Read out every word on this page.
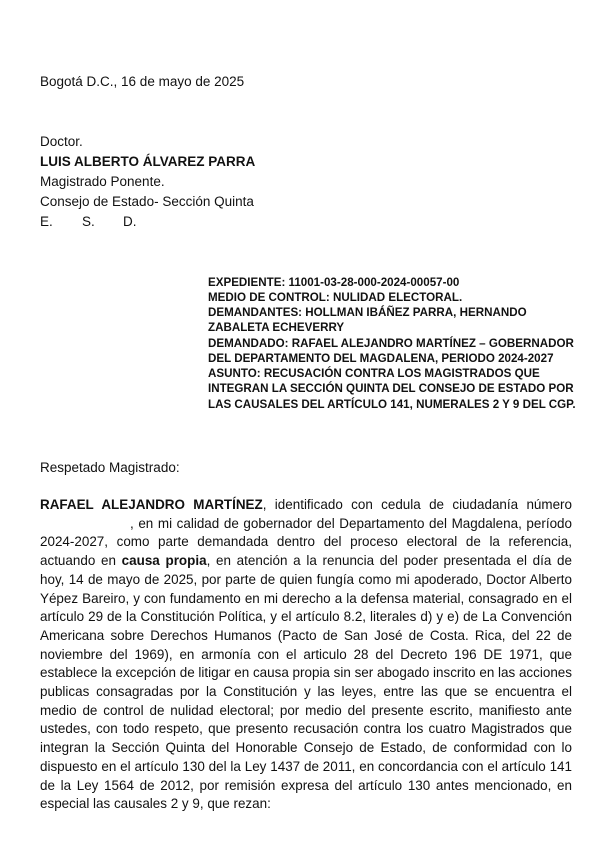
Bogotá D.C., 16 de mayo de 2025
Doctor.
LUIS ALBERTO ÁLVAREZ PARRA
Magistrado Ponente.
Consejo de Estado- Sección Quinta
E. S. D.
EXPEDIENTE: 11001-03-28-000-2024-00057-00
MEDIO DE CONTROL: NULIDAD ELECTORAL.
DEMANDANTES: HOLLMAN IBÁÑEZ PARRA, HERNANDO
ZABALETA ECHEVERRY
DEMANDADO: RAFAEL ALEJANDRO MARTÍNEZ – GOBERNADOR
DEL DEPARTAMENTO DEL MAGDALENA, PERIODO 2024-2027
ASUNTO: RECUSACIÓN CONTRA LOS MAGISTRADOS QUE
INTEGRAN LA SECCIÓN QUINTA DEL CONSEJO DE ESTADO POR
LAS CAUSALES DEL ARTÍCULO 141, NUMERALES 2 Y 9 DEL CGP.
Respetado Magistrado:

RAFAEL ALEJANDRO MARTÍNEZ, identificado con cedula de ciudadanía número, en mi calidad de gobernador del Departamento del Magdalena, período 2024-2027, como parte demandada dentro del proceso electoral de la referencia, actuando en causa propia, en atención a la renuncia del poder presentada el día de hoy, 14 de mayo de 2025, por parte de quien fungía como mi apoderado, Doctor Alberto Yépez Bareiro, y con fundamento en mi derecho a la defensa material, consagrado en el artículo 29 de la Constitución Política, y el artículo 8.2, literales d) y e) de La Convención Americana sobre Derechos Humanos (Pacto de San José de Costa. Rica, del 22 de noviembre del 1969), en armonía con el articulo 28 del Decreto 196 DE 1971, que establece la excepción de litigar en causa propia sin ser abogado inscrito en las acciones publicas consagradas por la Constitución y las leyes, entre las que se encuentra el medio de control de nulidad electoral; por medio del presente escrito, manifiesto ante ustedes, con todo respeto, que presento recusación contra los cuatro Magistrados que integran la Sección Quinta del Honorable Consejo de Estado, de conformidad con lo dispuesto en el artículo 130 del la Ley 1437 de 2011, en concordancia con el artículo 141 de la Ley 1564 de 2012, por remisión expresa del artículo 130 antes mencionado, en especial las causales 2 y 9, que rezan:
